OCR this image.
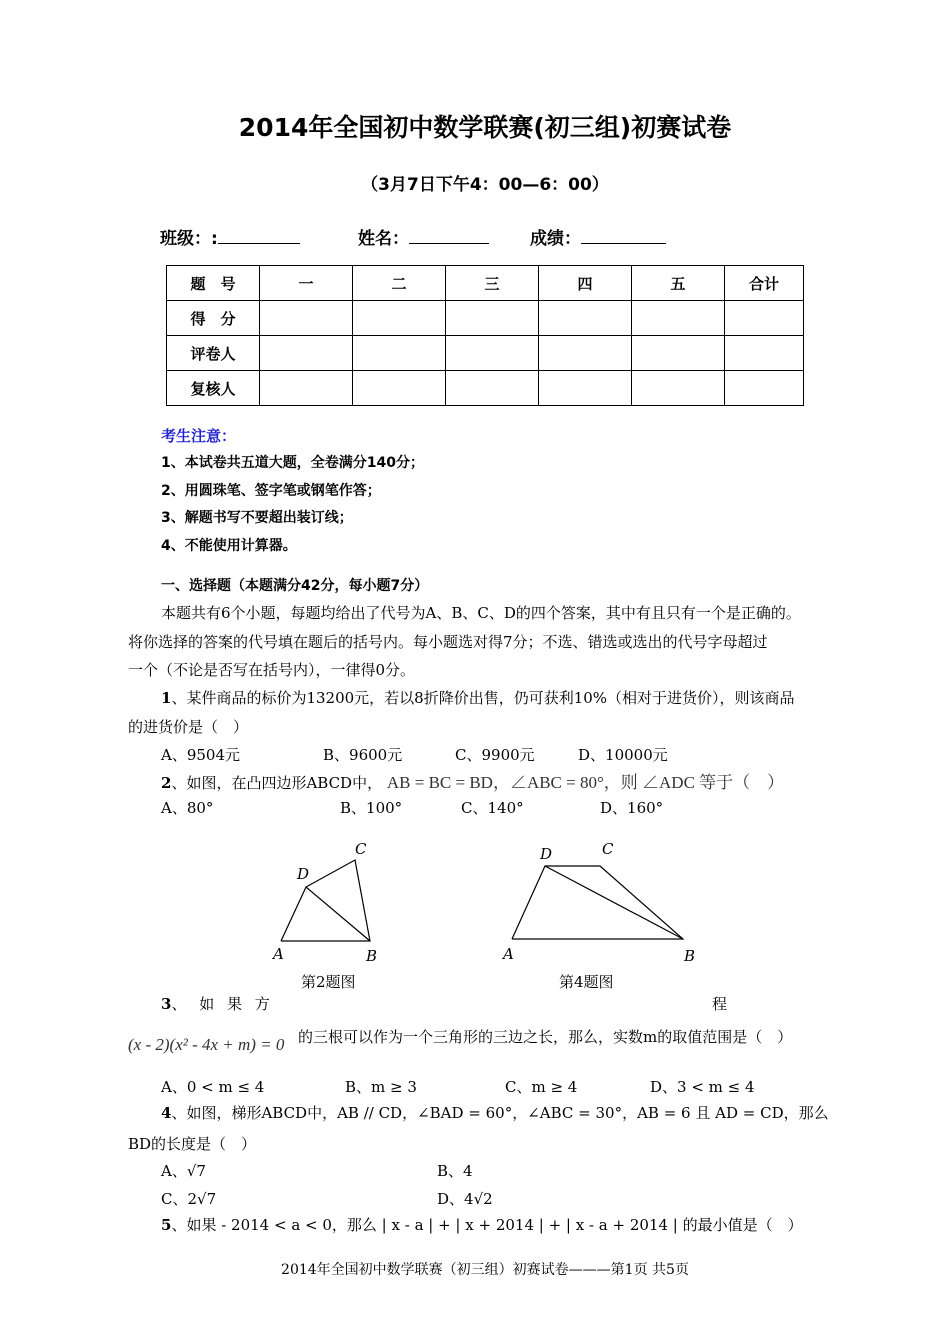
2014年全国初中数学联赛(初三组)初赛试卷
（3月7日下午4：00—6：00）
班级：:	姓名：	成绩：
题　号	一	二	三	四	五	合计
得　分						
评卷人						
复核人						
考生注意：
1、本试卷共五道大题，全卷满分140分；
2、用圆珠笔、签字笔或钢笔作答；
3、解题书写不要超出装订线；
4、不能使用计算器。
一、选择题（本题满分42分，每小题7分）
本题共有6个小题，每题均给出了代号为A、B、C、D的四个答案，其中有且只有一个是正确的。
将你选择的答案的代号填在题后的括号内。每小题选对得7分；不选、错选或选出的代号字母超过
一个（不论是否写在括号内），一律得0分。
1、某件商品的标价为13200元，若以8折降价出售，仍可获利10%（相对于进货价），则该商品
的进货价是（　）
A、9504元	B、9600元	C、9900元	D、10000元
2、如图，在凸四边形ABCD中， AB = BC = BD，∠ABC = 80°，则 ∠ADC 等于（　）
A、80°	B、100°	C、140°	D、160°
A	B
C
D
第2题图
A	B
C
D
第4题图
3、 如 果 方	程
(x - 2)(x² - 4x + m) = 0 的三根可以作为一个三角形的三边之长，那么，实数m的取值范围是（　）
A、0 < m ≤ 4	B、m ≥ 3	C、m ≥ 4	D、3 < m ≤ 4
4、如图，梯形ABCD中，AB // CD，∠BAD = 60°，∠ABC = 30°，AB = 6 且 AD = CD，那么
BD的长度是（　）
A、√7	B、4
C、2√7	D、4√2
5、如果 - 2014 < a < 0，那么 | x - a | + | x + 2014 | + | x - a + 2014 | 的最小值是（　）
2014年全国初中数学联赛（初三组）初赛试卷———第1页 共5页
